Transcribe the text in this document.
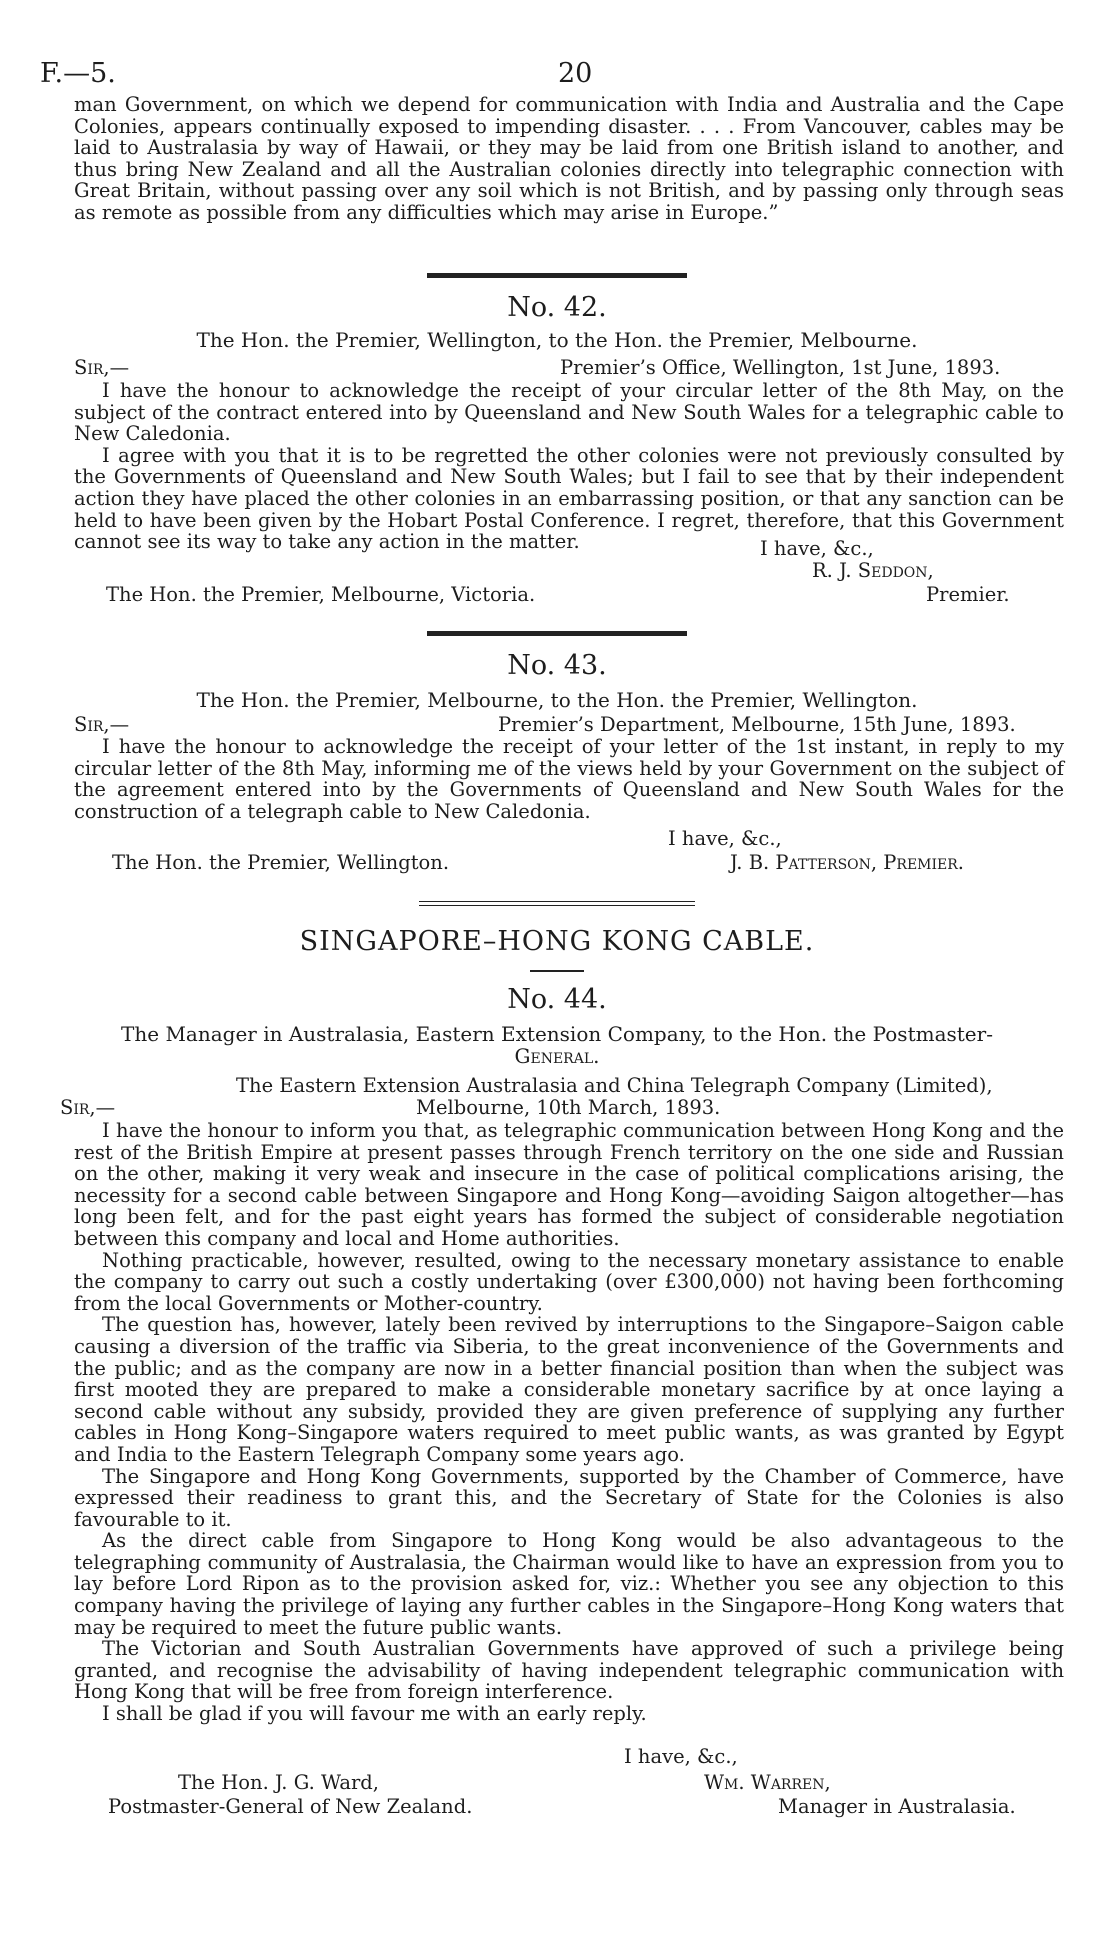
F.—5.	20

man Government, on which we depend for communication with India and Australia and the Cape Colonies, appears continually exposed to impending disaster. . . . From Vancouver, cables may be laid to Australasia by way of Hawaii, or they may be laid from one British island to another, and thus bring New Zealand and all the Australian colonies directly into telegraphic connection with Great Britain, without passing over any soil which is not British, and by passing only through seas as remote as possible from any difficulties which may arise in Europe.”

No. 42.
The Hon. the Premier, Wellington, to the Hon. the Premier, Melbourne.
Sir,—	Premier’s Office, Wellington, 1st June, 1893.

I have the honour to acknowledge the receipt of your circular letter of the 8th May, on the subject of the contract entered into by Queensland and New South Wales for a telegraphic cable to New Caledonia.

I agree with you that it is to be regretted the other colonies were not previously consulted by the Governments of Queensland and New South Wales; but I fail to see that by their independent action they have placed the other colonies in an embarrassing position, or that any sanction can be held to have been given by the Hobart Postal Conference. I regret, therefore, that this Government cannot see its way to take any action in the matter.	I have, &c.,
R. J. Seddon,
The Hon. the Premier, Melbourne, Victoria.	Premier.
No. 43.
The Hon. the Premier, Melbourne, to the Hon. the Premier, Wellington.
Sir,—	Premier’s Department, Melbourne, 15th June, 1893.

I have the honour to acknowledge the receipt of your letter of the 1st instant, in reply to my circular letter of the 8th May, informing me of the views held by your Government on the subject of the agreement entered into by the Governments of Queensland and New South Wales for the construction of a telegraph cable to New Caledonia.

I have, &c.,
The Hon. the Premier, Wellington.	J. B. Patterson, Premier.
SINGAPORE–HONG KONG CABLE.
No. 44.
The Manager in Australasia, Eastern Extension Company, to the Hon. the Postmaster-
General.
The Eastern Extension Australasia and China Telegraph Company (Limited),
Sir,—	Melbourne, 10th March, 1893.

I have the honour to inform you that, as telegraphic communication between Hong Kong and the rest of the British Empire at present passes through French territory on the one side and Russian on the other, making it very weak and insecure in the case of political complications arising, the necessity for a second cable between Singapore and Hong Kong—avoiding Saigon altogether—has long been felt, and for the past eight years has formed the subject of considerable negotiation between this company and local and Home authorities.

Nothing practicable, however, resulted, owing to the necessary monetary assistance to enable the company to carry out such a costly undertaking (over £300,000) not having been forthcoming from the local Governments or Mother-country.

The question has, however, lately been revived by interruptions to the Singapore–Saigon cable causing a diversion of the traffic via Siberia, to the great inconvenience of the Governments and the public; and as the company are now in a better financial position than when the subject was first mooted they are prepared to make a considerable monetary sacrifice by at once laying a second cable without any subsidy, provided they are given preference of supplying any further cables in Hong Kong–Singapore waters required to meet public wants, as was granted by Egypt and India to the Eastern Telegraph Company some years ago.

The Singapore and Hong Kong Governments, supported by the Chamber of Commerce, have expressed their readiness to grant this, and the Secretary of State for the Colonies is also favourable to it.

As the direct cable from Singapore to Hong Kong would be also advantageous to the telegraphing community of Australasia, the Chairman would like to have an expression from you to lay before Lord Ripon as to the provision asked for, viz.: Whether you see any objection to this company having the privilege of laying any further cables in the Singapore–Hong Kong waters that may be required to meet the future public wants.

The Victorian and South Australian Governments have approved of such a privilege being granted, and recognise the advisability of having independent telegraphic communication with Hong Kong that will be free from foreign interference.

I shall be glad if you will favour me with an early reply.

I have, &c.,
The Hon. J. G. Ward,	Wm. Warren,
Postmaster-General of New Zealand.	Manager in Australasia.
